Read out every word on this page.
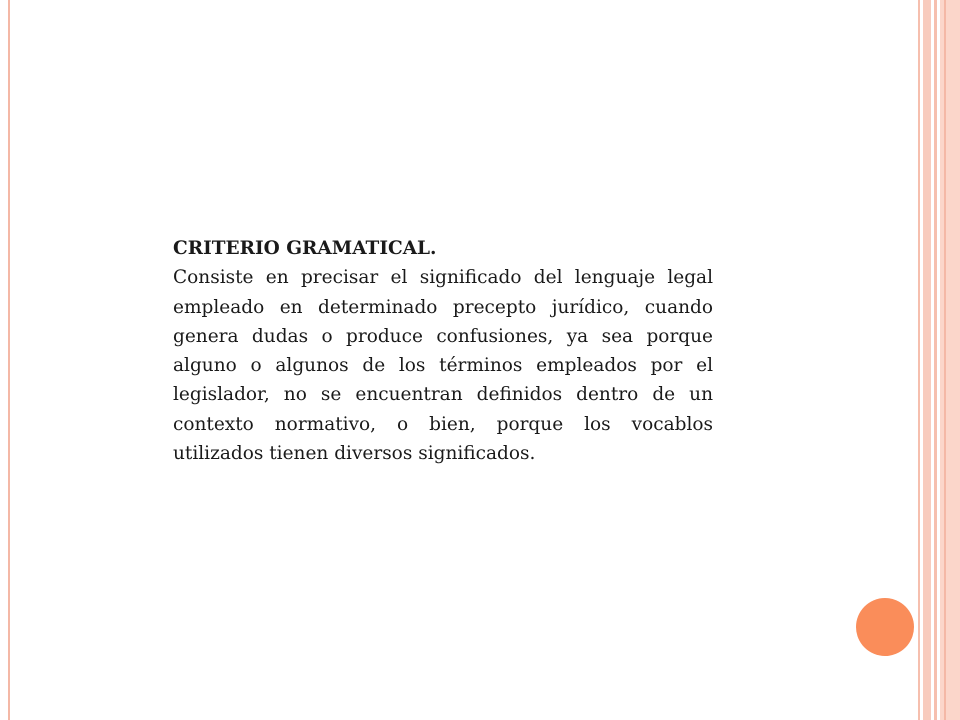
CRITERIO GRAMATICAL.

Consiste en precisar el significado del lenguaje legal empleado en determinado precepto jurídico, cuando genera dudas o produce confusiones, ya sea porque alguno o algunos de los términos empleados por el legislador, no se encuentran definidos dentro de un contexto normativo, o bien, porque los vocablos utilizados tienen diversos significados.
